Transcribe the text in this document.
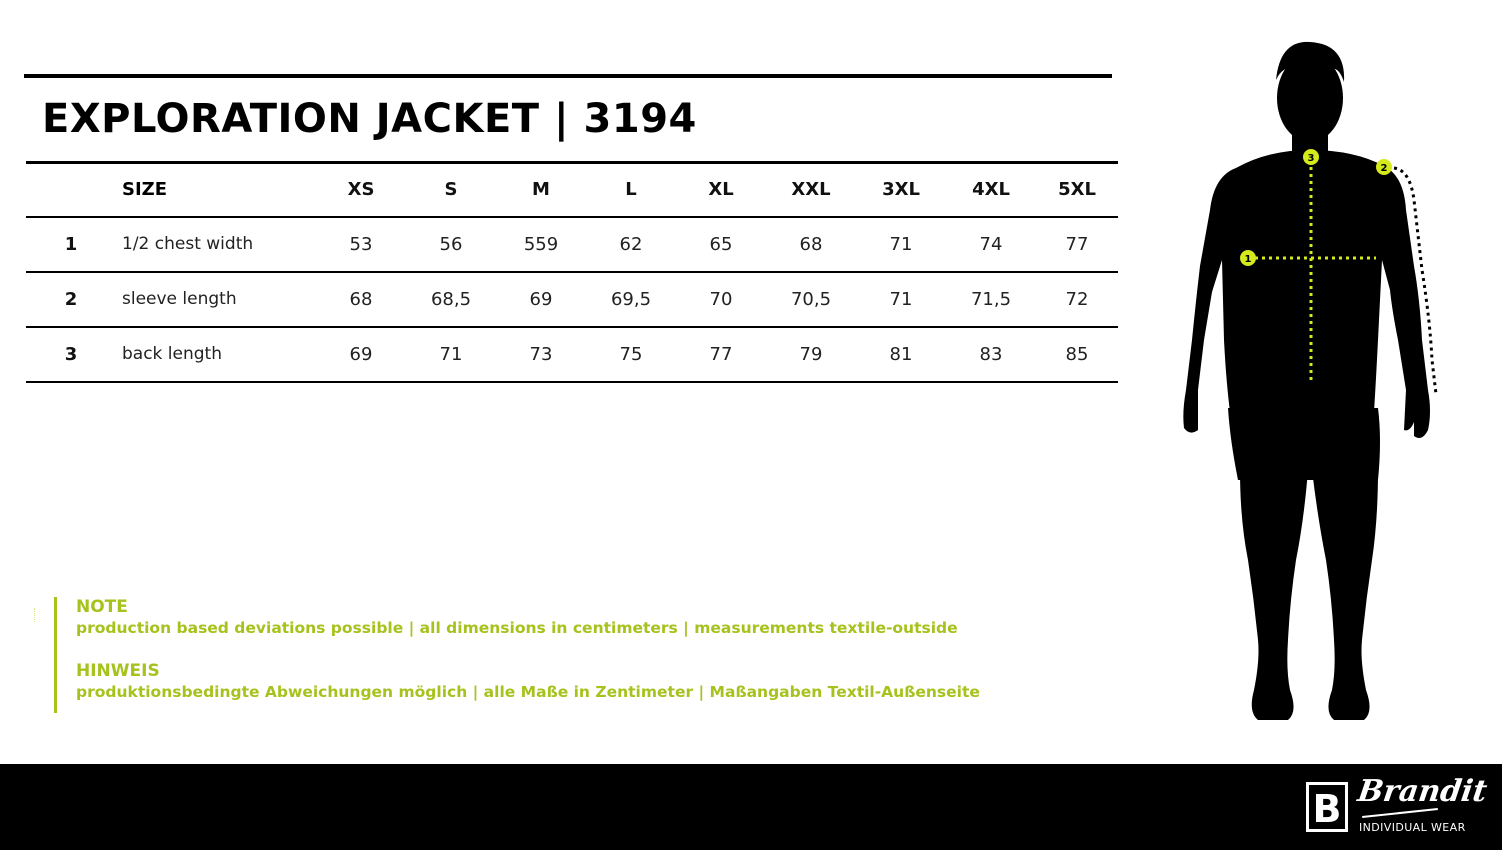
EXPLORATION JACKET | 3194
	SIZE	XS	S	M	L	XL	XXL	3XL	4XL	5XL
1	1/2 chest width	53	56	559	62	65	68	71	74	77
2	sleeve length	68	68,5	69	69,5	70	70,5	71	71,5	72
3	back length	69	71	73	75	77	79	81	83	85
NOTE
production based deviations possible | all dimensions in centimeters | measurements textile-outside
HINWEIS
produktionsbedingte Abweichungen möglich | alle Maße in Zentimeter | Maßangaben Textil-Außenseite
1
2
3
B Brandit
INDIVIDUAL WEAR
